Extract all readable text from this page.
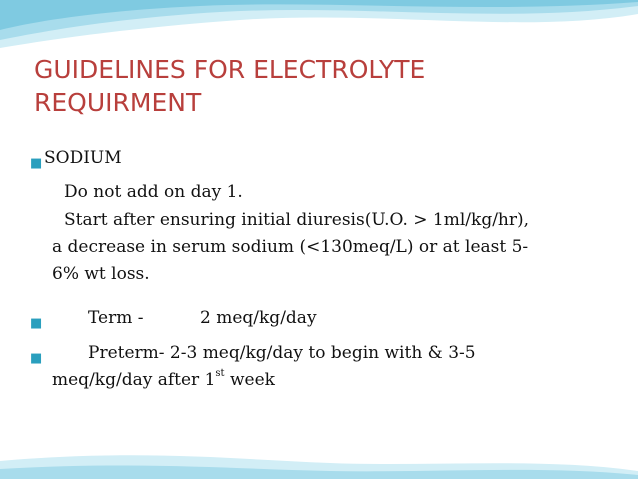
GUIDELINES FOR ELECTROLYTE
REQUIRMENT
■ SODIUM
Do not add on day 1.
Start after ensuring initial diuresis(U.O. > 1ml/kg/hr),
a decrease in serum sodium (<130meq/L) or at least 5-
6% wt loss.
■	Term -	2 meq/kg/day
■	Preterm- 2-3 meq/kg/day to begin with & 3-5
meq/kg/day after 1st week
